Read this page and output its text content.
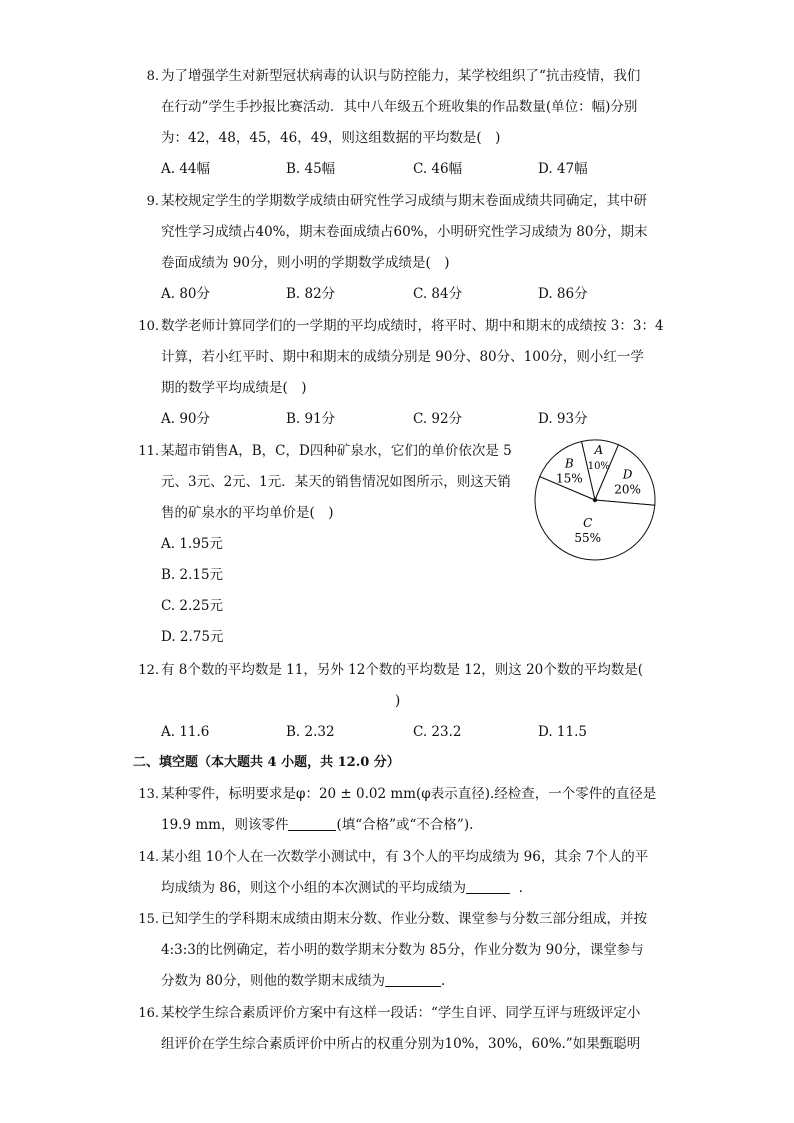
8. 为了增强学生对新型冠状病毒的认识与防控能力，某学校组织了“抗击疫情，我们
在行动”学生手抄报比赛活动．其中八年级五个班收集的作品数量(单位：幅)分别
为：42，48，45，46，49，则这组数据的平均数是(　)
A. 44幅	B. 45幅	C. 46幅	D. 47幅
9. 某校规定学生的学期数学成绩由研究性学习成绩与期末卷面成绩共同确定，其中研
究性学习成绩占40%，期末卷面成绩占60%，小明研究性学习成绩为 80分，期末
卷面成绩为 90分，则小明的学期数学成绩是(　)
A. 80分	B. 82分	C. 84分	D. 86分
10. 数学老师计算同学们的一学期的平均成绩时，将平时、期中和期末的成绩按 3：3：4
计算，若小红平时、期中和期末的成绩分别是 90分、80分、100分，则小红一学
期的数学平均成绩是(　)
A. 90分	B. 91分	C. 92分	D. 93分
11. 某超市销售A，B，C，D四种矿泉水，它们的单价依次是 5
元、3元、2元、1元．某天的销售情况如图所示，则这天销
售的矿泉水的平均单价是(　)
A. 1.95元
B. 2.15元
C. 2.25元
D. 2.75元
A
10%
D
20%
C
55%
B
15%
12. 有 8个数的平均数是 11，另外 12个数的平均数是 12，则这 20个数的平均数是(
)
A. 11.6	B. 2.32	C. 23.2	D. 11.5
二、填空题（本大题共 4 小题，共 12.0 分）
13. 某种零件，标明要求是φ：20 ± 0.02 mm(φ表示直径).经检查，一个零件的直径是
19.9 mm，则该零件	(填“合格”或“不合格”).
14. 某小组 10个人在一次数学小测试中，有 3个人的平均成绩为 96，其余 7个人的平
均成绩为 86，则这个小组的本次测试的平均成绩为	.
15. 已知学生的学科期末成绩由期末分数、作业分数、课堂参与分数三部分组成，并按
4:3:3的比例确定，若小明的数学期末分数为 85分，作业分数为 90分，课堂参与
分数为 80分，则他的数学期末成绩为	.
16. 某校学生综合素质评价方案中有这样一段话：“学生自评、同学互评与班级评定小
组评价在学生综合素质评价中所占的权重分别为10%，30%，60%.”如果甄聪明
